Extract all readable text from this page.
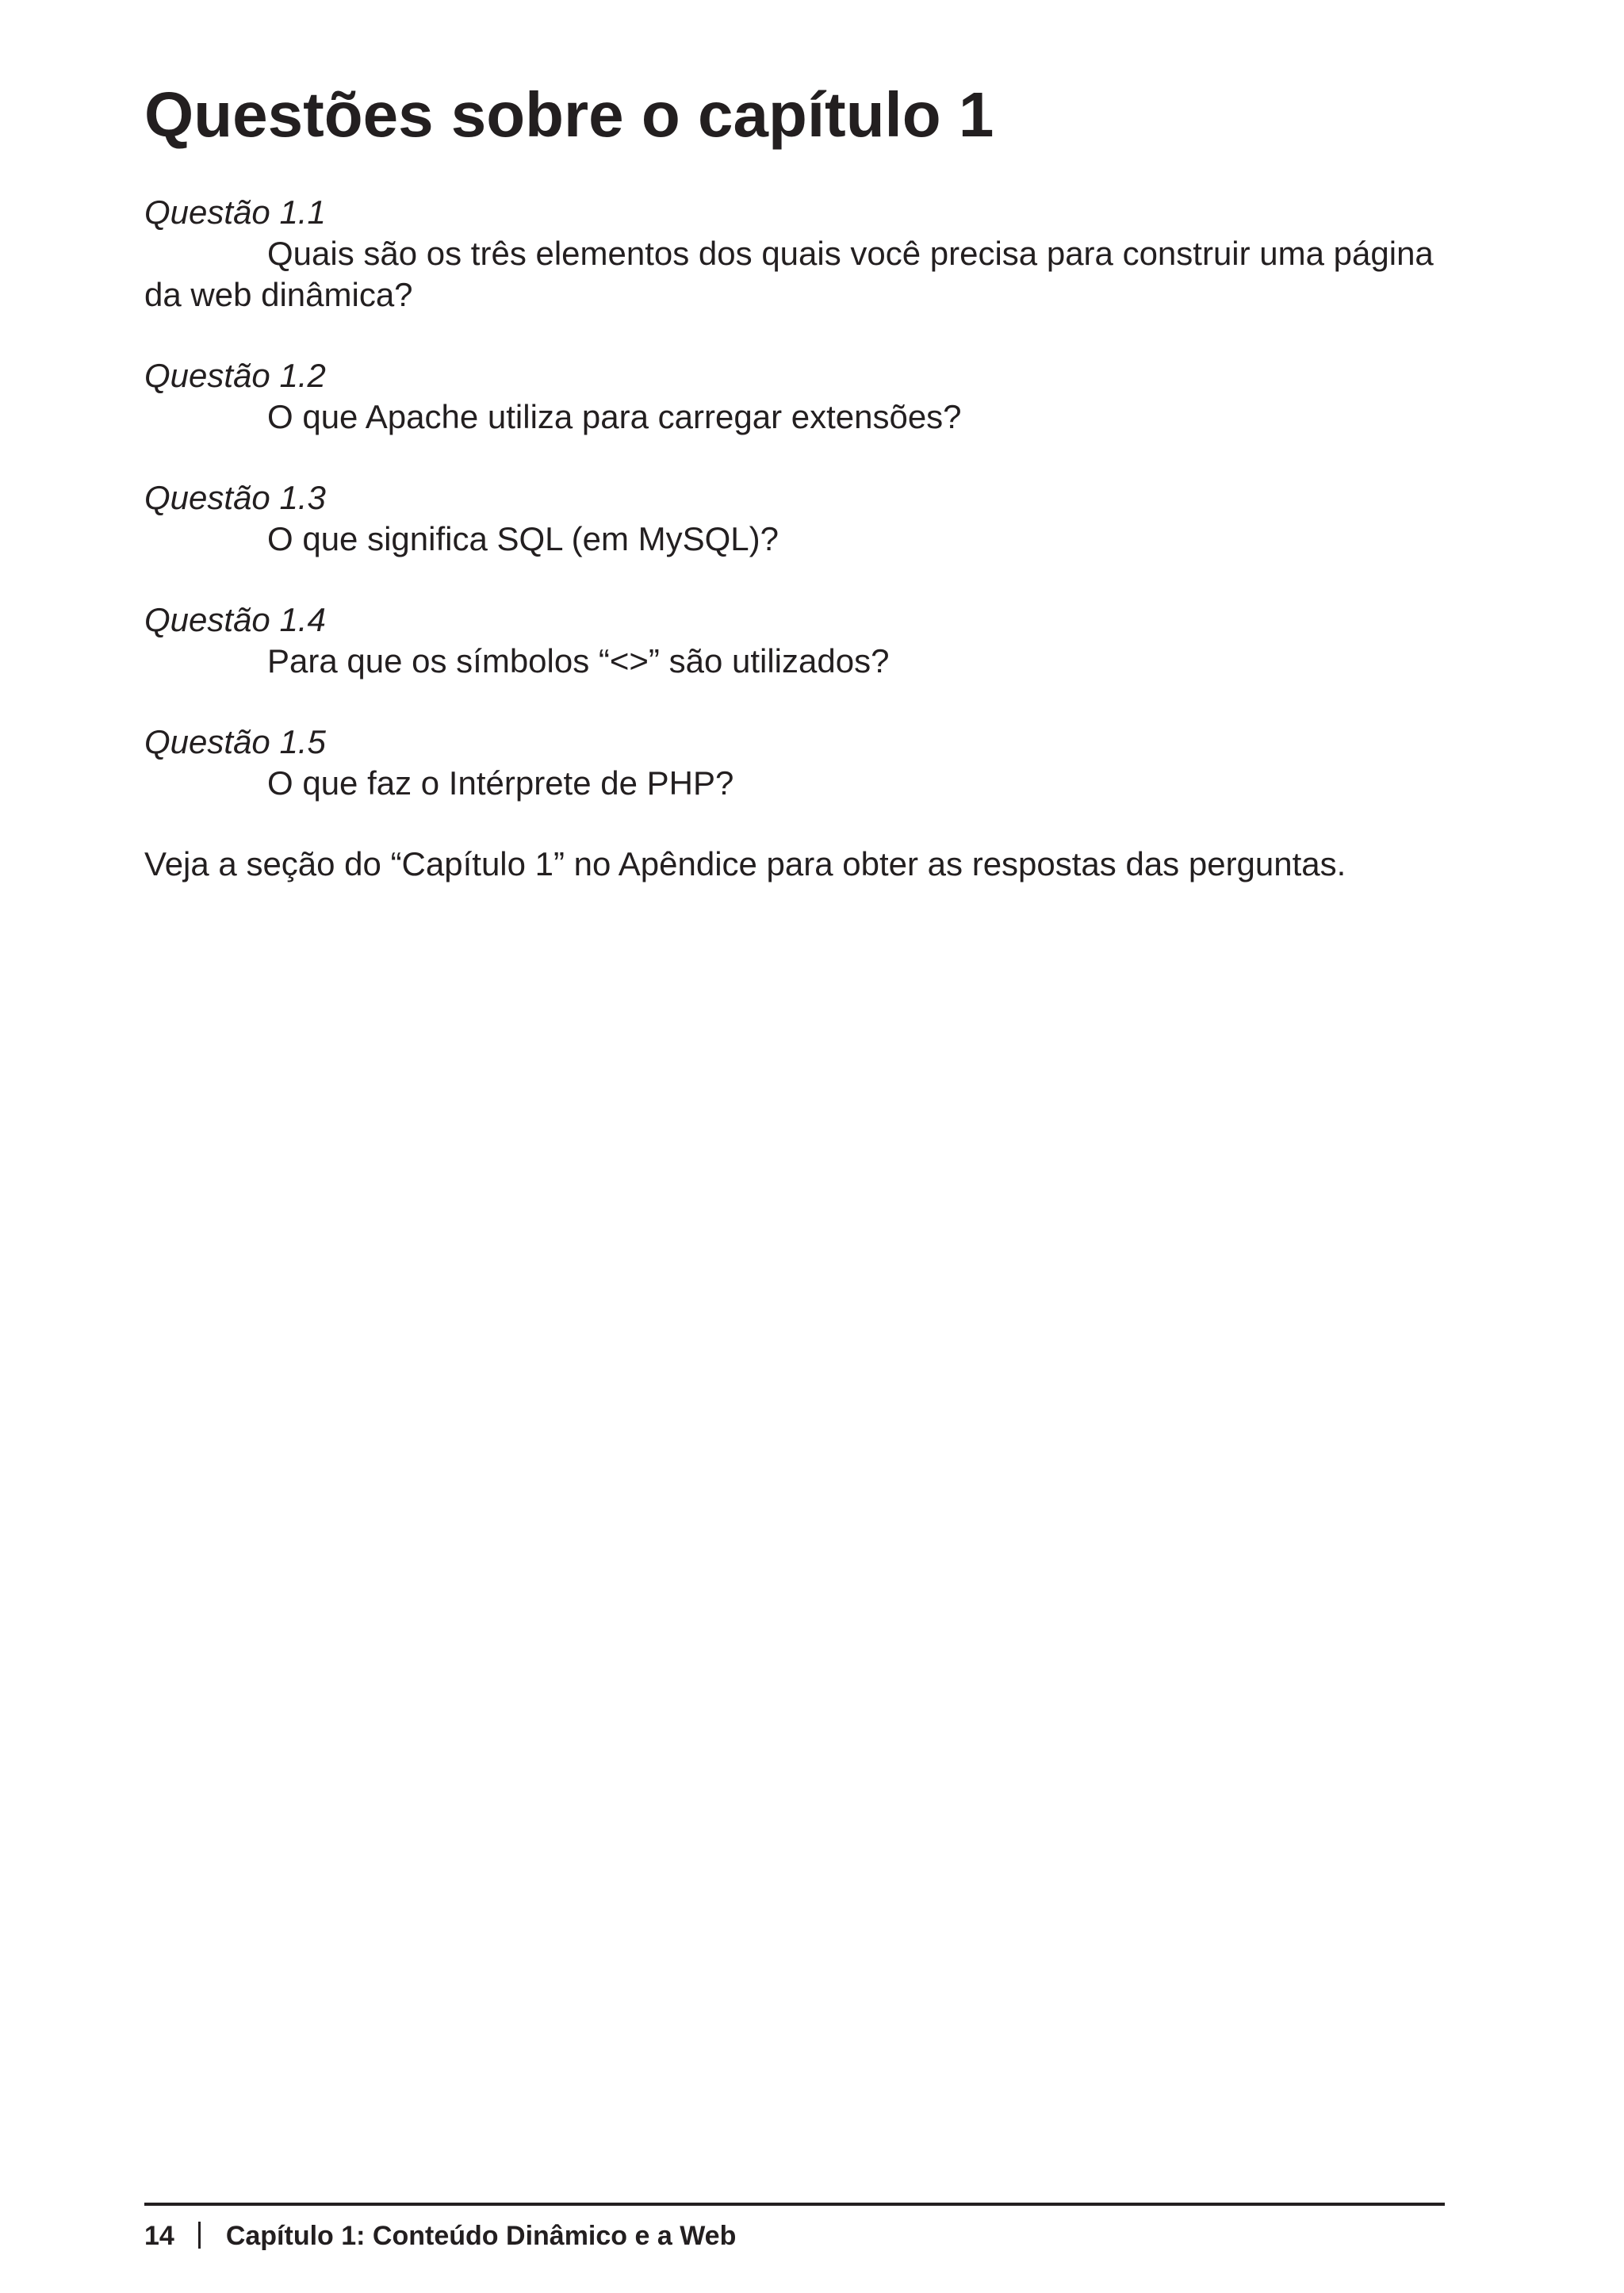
Questões sobre o capítulo 1
Questão 1.1

Quais são os três elementos dos quais você precisa para construir uma página da web dinâmica?

Questão 1.2

O que Apache utiliza para carregar extensões?

Questão 1.3

O que significa SQL (em MySQL)?

Questão 1.4

Para que os símbolos “<>” são utilizados?

Questão 1.5

O que faz o Intérprete de PHP?

Veja a seção do “Capítulo 1” no Apêndice para obter as respostas das perguntas.

14 Capítulo 1: Conteúdo Dinâmico e a Web
